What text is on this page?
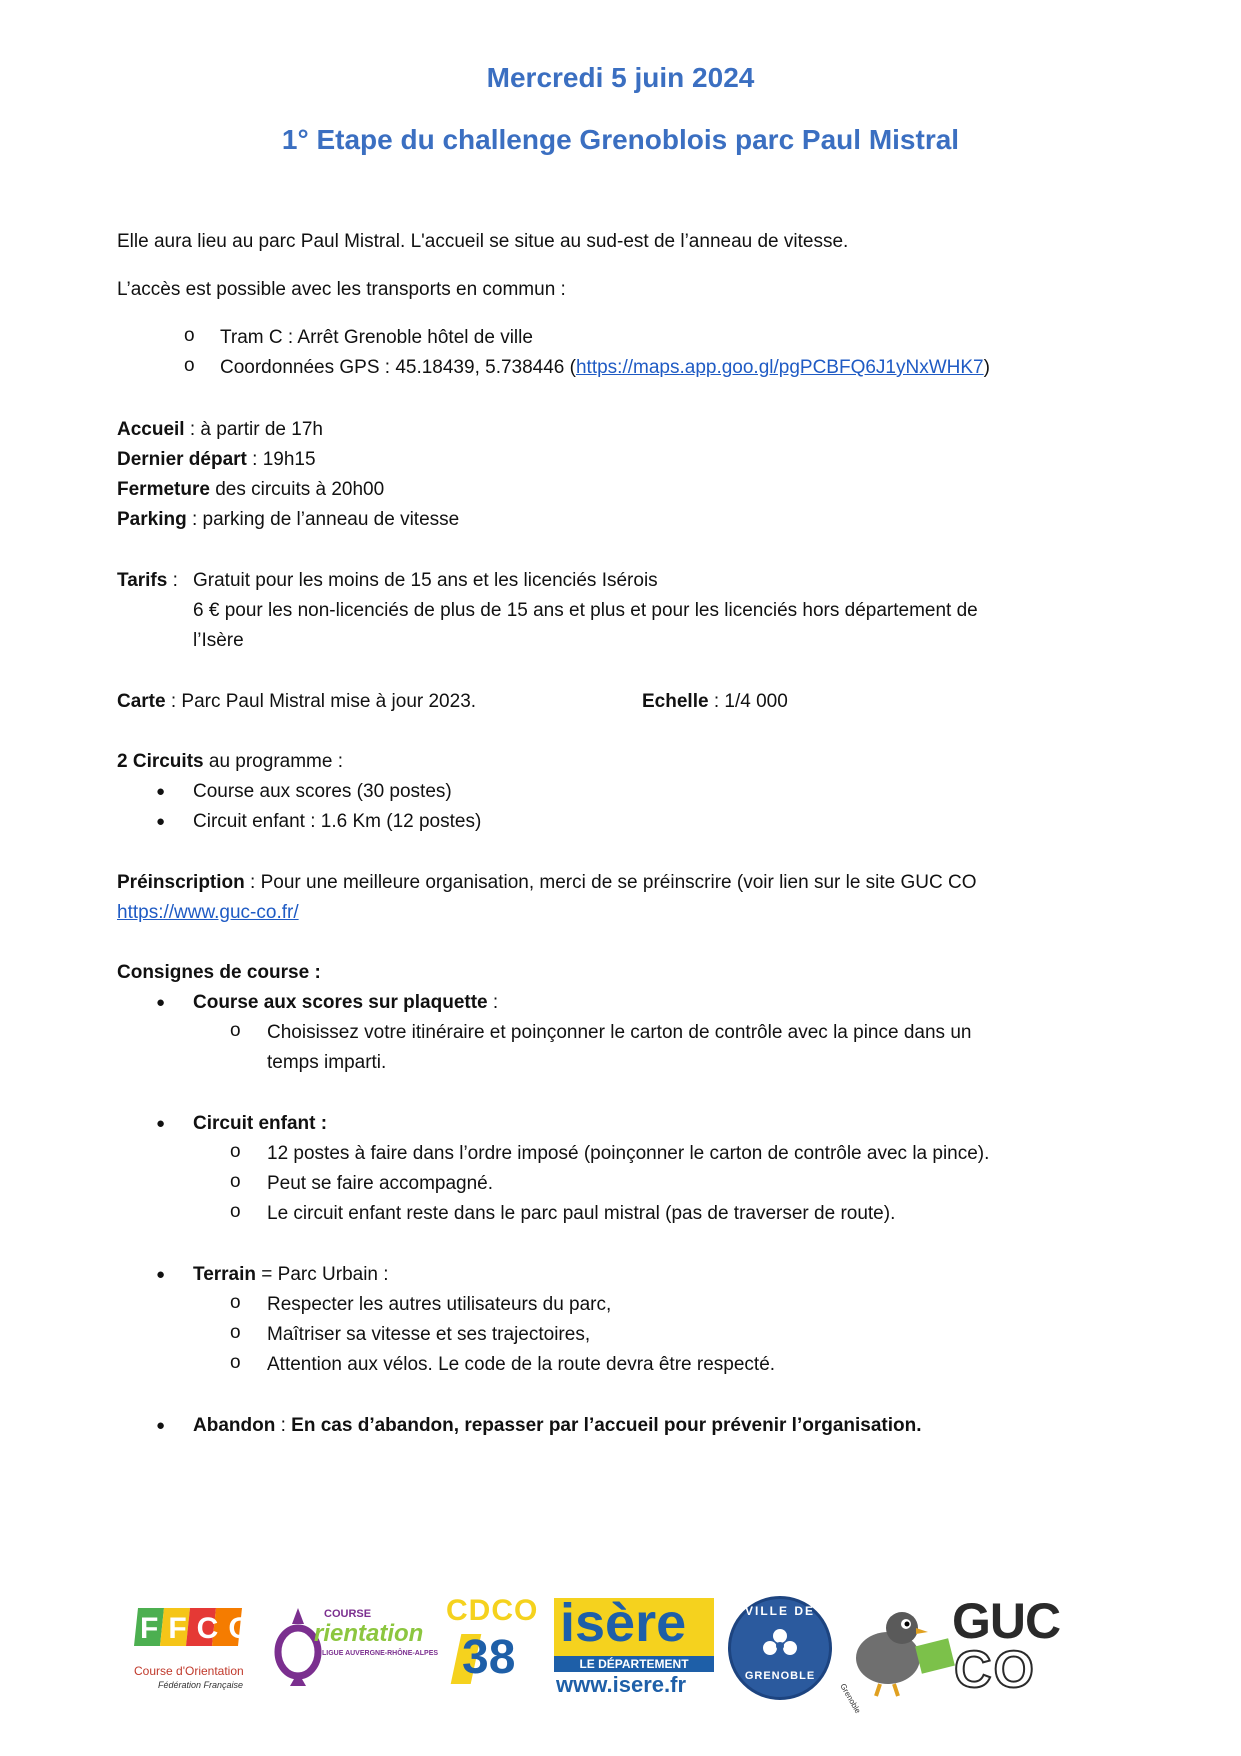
Mercredi 5 juin 2024
1° Etape du challenge Grenoblois parc Paul Mistral
Elle aura lieu au parc Paul Mistral. L'accueil se situe au sud-est de l’anneau de vitesse.
L’accès est possible avec les transports en commun :
o Tram C : Arrêt Grenoble hôtel de ville
o Coordonnées GPS : 45.18439, 5.738446 (https://maps.app.goo.gl/pgPCBFQ6J1yNxWHK7)
Accueil : à partir de 17h
Dernier départ : 19h15
Fermeture des circuits à 20h00
Parking : parking de l’anneau de vitesse
Tarifs : Gratuit pour les moins de 15 ans et les licenciés Isérois
6 € pour les non-licenciés de plus de 15 ans et plus et pour les licenciés hors département de
l’Isère
Carte : Parc Paul Mistral mise à jour 2023.	Echelle : 1/4 000
2 Circuits au programme :
● Course aux scores (30 postes)
● Circuit enfant : 1.6 Km (12 postes)
Préinscription : Pour une meilleure organisation, merci de se préinscrire (voir lien sur le site GUC CO
https://www.guc-co.fr/
Consignes de course :
● Course aux scores sur plaquette :
o Choisissez votre itinéraire et poinçonner le carton de contrôle avec la pince dans un
temps imparti.
● Circuit enfant :
o 12 postes à faire dans l’ordre imposé (poinçonner le carton de contrôle avec la pince).
o Peut se faire accompagné.
o Le circuit enfant reste dans le parc paul mistral (pas de traverser de route).
● Terrain = Parc Urbain :
o Respecter les autres utilisateurs du parc,
o Maîtriser sa vitesse et ses trajectoires,
o Attention aux vélos. Le code de la route devra être respecté.
● Abandon : En cas d’abandon, repasser par l’accueil pour prévenir l’organisation.
FFCO
Course d'Orientation
Fédération Française
COURSE
rientation
LIGUE AUVERGNE-RHÔNE-ALPES
CDCO
38
isère
LE DÉPARTEMENT
www.isere.fr
VILLE DE
GRENOBLE
Grenoble
GUC
CO
